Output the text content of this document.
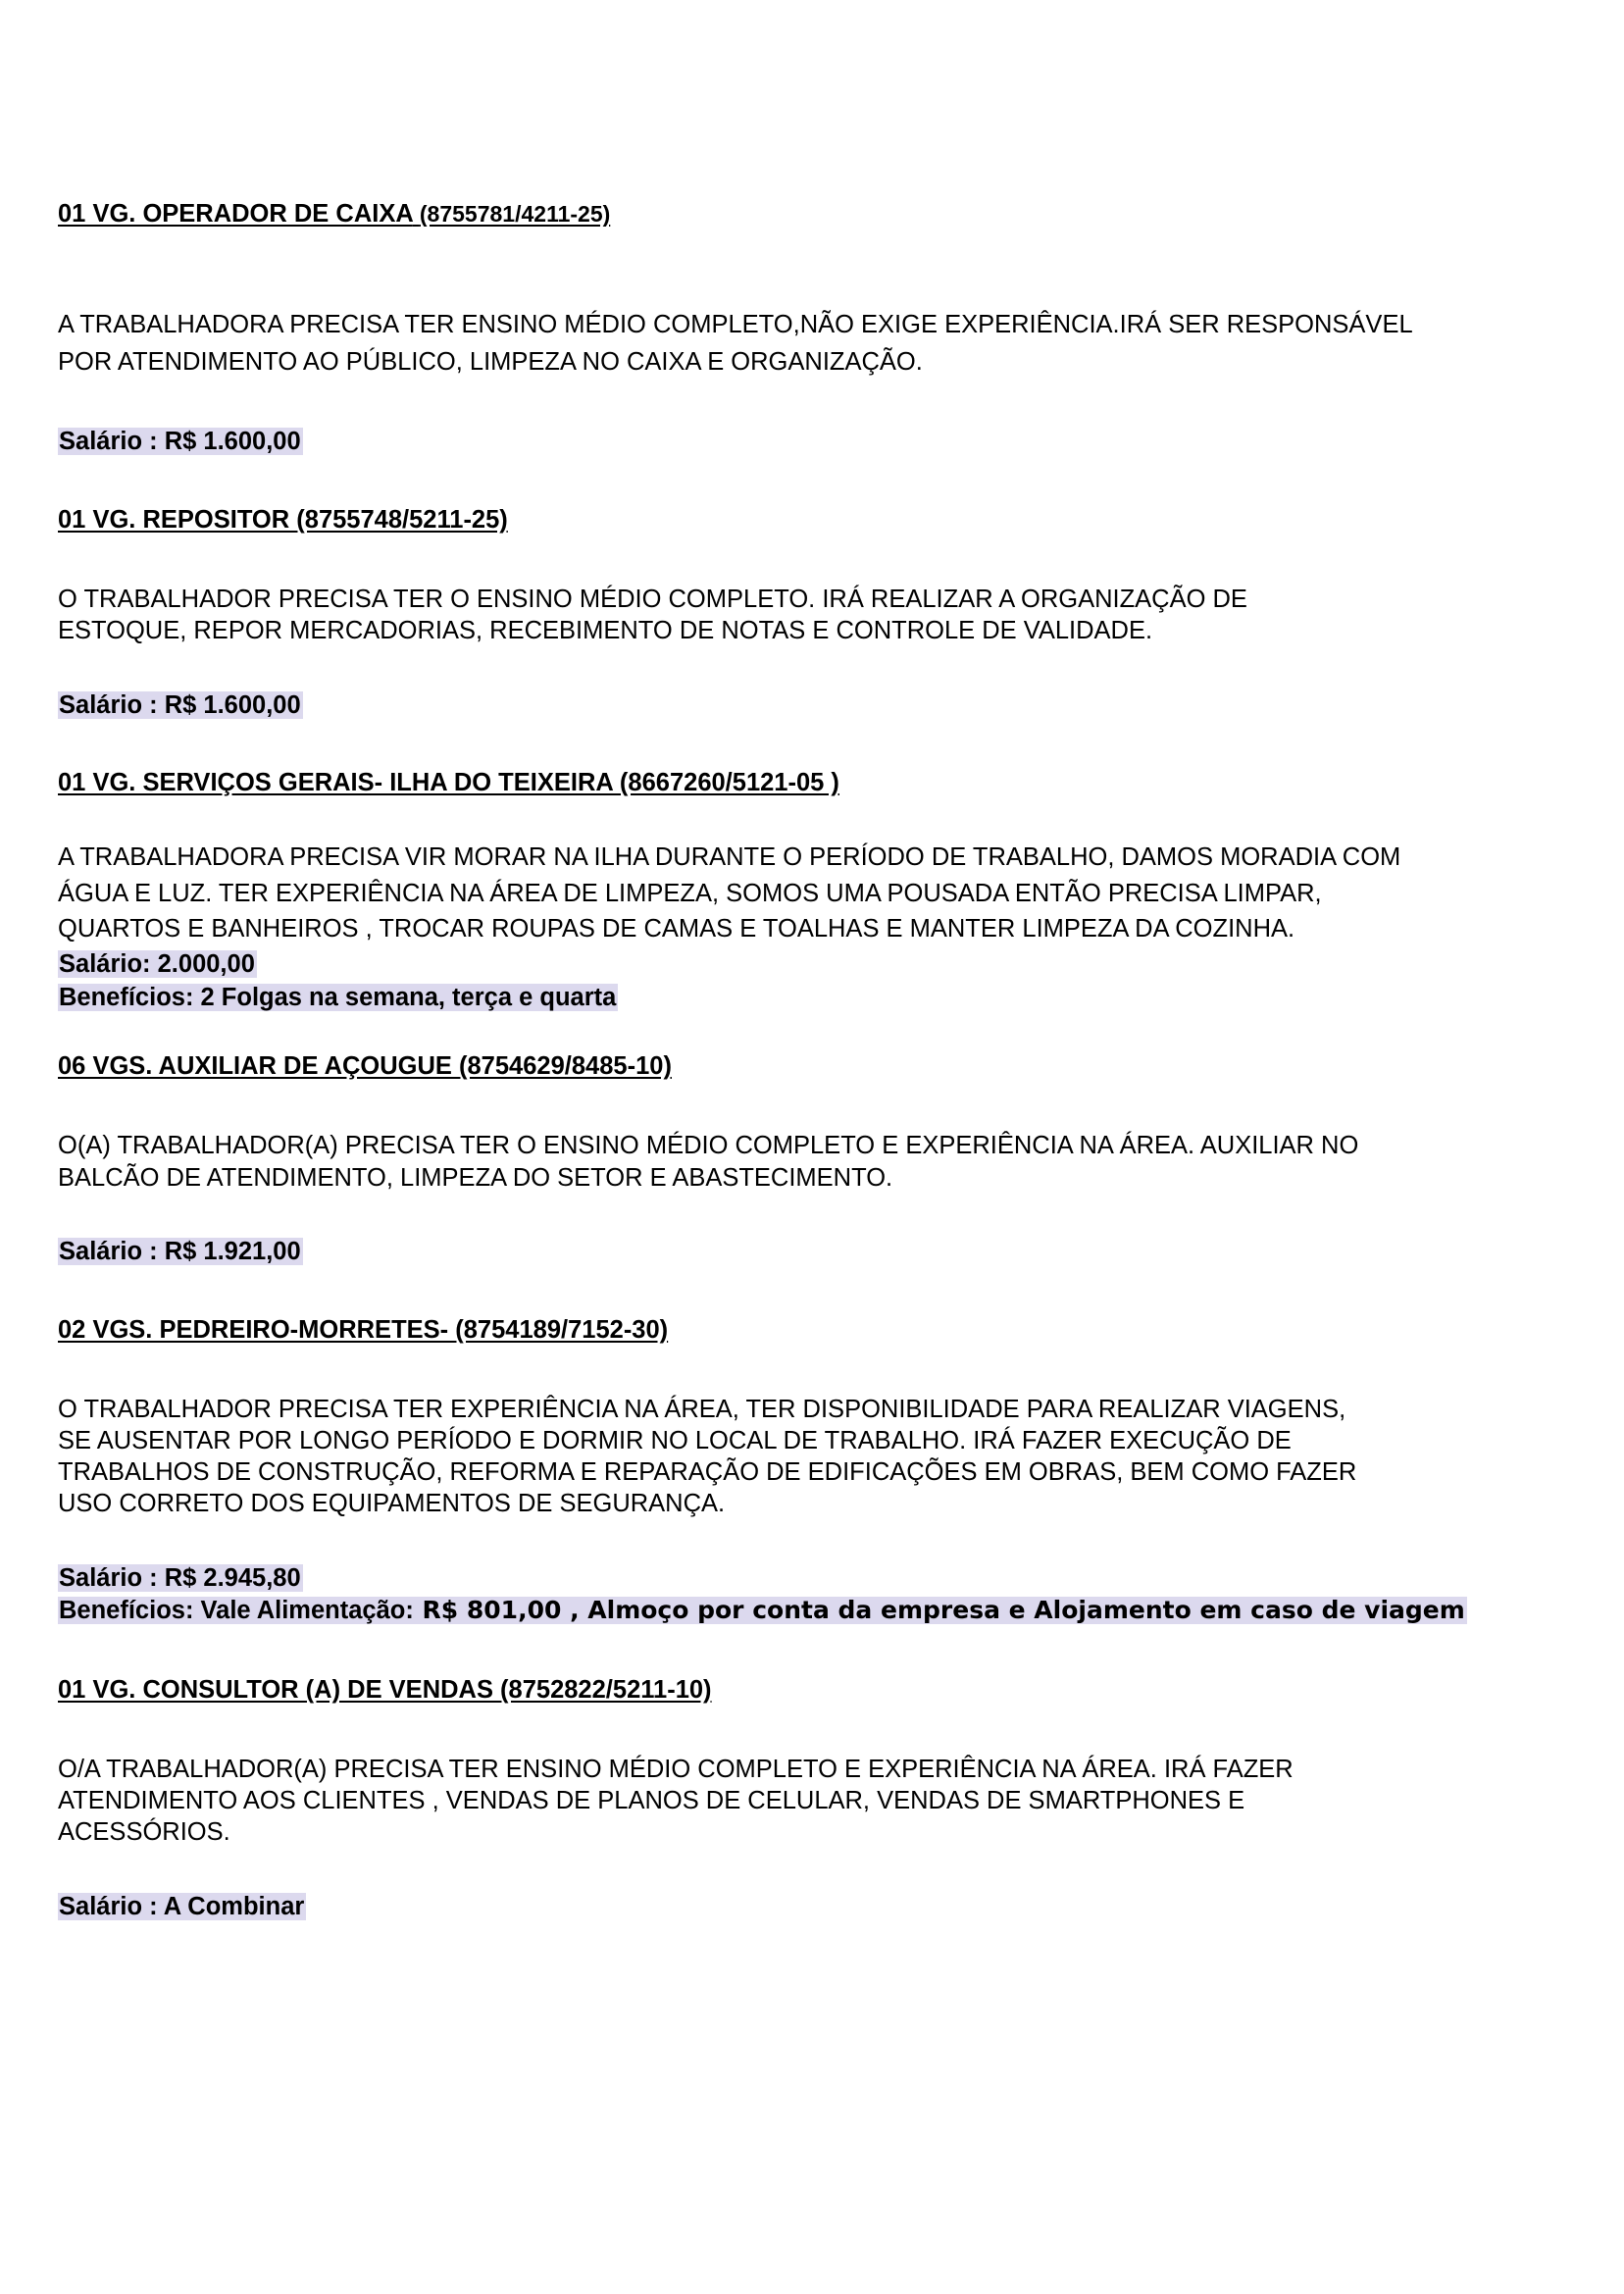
01 VG. OPERADOR DE CAIXA (8755781/4211-25)
A TRABALHADORA PRECISA TER ENSINO MÉDIO COMPLETO,NÃO EXIGE EXPERIÊNCIA.IRÁ SER RESPONSÁVEL
POR ATENDIMENTO AO PÚBLICO, LIMPEZA NO CAIXA E ORGANIZAÇÃO.
Salário : R$ 1.600,00
01 VG. REPOSITOR (8755748/5211-25)
O TRABALHADOR PRECISA TER O ENSINO MÉDIO COMPLETO. IRÁ REALIZAR A ORGANIZAÇÃO DE
ESTOQUE, REPOR MERCADORIAS, RECEBIMENTO DE NOTAS E CONTROLE DE VALIDADE.
Salário : R$ 1.600,00
01 VG. SERVIÇOS GERAIS- ILHA DO TEIXEIRA (8667260/5121-05 )
A TRABALHADORA PRECISA VIR MORAR NA ILHA DURANTE O PERÍODO DE TRABALHO, DAMOS MORADIA COM
ÁGUA E LUZ. TER EXPERIÊNCIA NA ÁREA DE LIMPEZA, SOMOS UMA POUSADA ENTÃO PRECISA LIMPAR,
QUARTOS E BANHEIROS , TROCAR ROUPAS DE CAMAS E TOALHAS E MANTER LIMPEZA DA COZINHA.
Salário: 2.000,00
Benefícios: 2 Folgas na semana, terça e quarta
06 VGS. AUXILIAR DE AÇOUGUE (8754629/8485-10)
O(A) TRABALHADOR(A) PRECISA TER O ENSINO MÉDIO COMPLETO E EXPERIÊNCIA NA ÁREA. AUXILIAR NO
BALCÃO DE ATENDIMENTO, LIMPEZA DO SETOR E ABASTECIMENTO.
Salário : R$ 1.921,00
02 VGS. PEDREIRO-MORRETES- (8754189/7152-30)
O TRABALHADOR PRECISA TER EXPERIÊNCIA NA ÁREA, TER DISPONIBILIDADE PARA REALIZAR VIAGENS,
SE AUSENTAR POR LONGO PERÍODO E DORMIR NO LOCAL DE TRABALHO. IRÁ FAZER EXECUÇÃO DE
TRABALHOS DE CONSTRUÇÃO, REFORMA E REPARAÇÃO DE EDIFICAÇÕES EM OBRAS, BEM COMO FAZER
USO CORRETO DOS EQUIPAMENTOS DE SEGURANÇA.
Salário : R$ 2.945,80
Benefícios: Vale Alimentação: R$ 801,00 , Almoço por conta da empresa e Alojamento em caso de viagem
01 VG. CONSULTOR (A) DE VENDAS (8752822/5211-10)
O/A TRABALHADOR(A) PRECISA TER ENSINO MÉDIO COMPLETO E EXPERIÊNCIA NA ÁREA. IRÁ FAZER
ATENDIMENTO AOS CLIENTES , VENDAS DE PLANOS DE CELULAR, VENDAS DE SMARTPHONES E
ACESSÓRIOS.
Salário : A Combinar
